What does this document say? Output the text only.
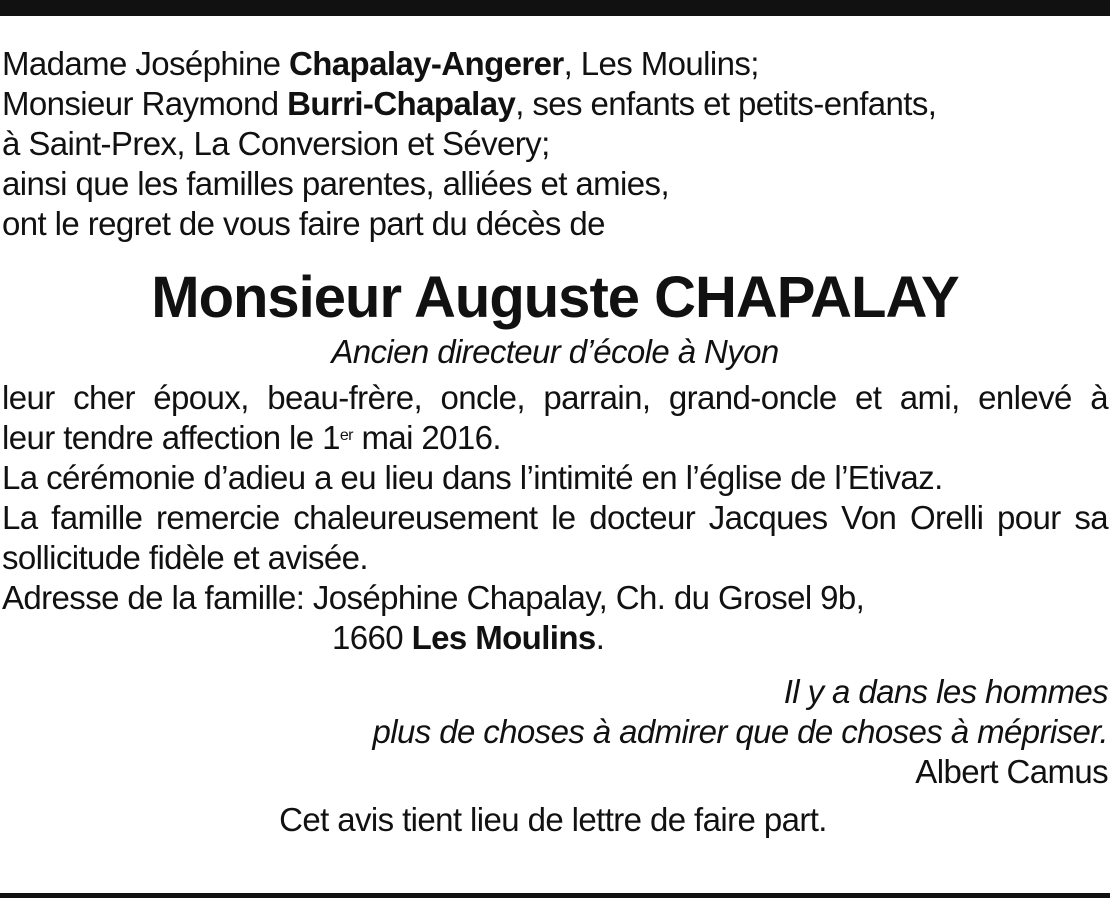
Madame Joséphine Chapalay-Angerer, Les Moulins;
Monsieur Raymond Burri-Chapalay, ses enfants et petits-enfants,
à Saint-Prex, La Conversion et Sévery;
ainsi que les familles parentes, alliées et amies,
ont le regret de vous faire part du décès de
Monsieur Auguste CHAPALAY
Ancien directeur d’école à Nyon
leur cher époux, beau-frère, oncle, parrain, grand-oncle et ami, enlevé à
leur tendre affection le 1er mai 2016.
La cérémonie d’adieu a eu lieu dans l’intimité en l’église de l’Etivaz.
La famille remercie chaleureusement le docteur Jacques Von Orelli pour sa
sollicitude fidèle et avisée.
Adresse de la famille: Joséphine Chapalay, Ch. du Grosel 9b,
1660 Les Moulins.
Il y a dans les hommes
plus de choses à admirer que de choses à mépriser.
Albert Camus
Cet avis tient lieu de lettre de faire part.
